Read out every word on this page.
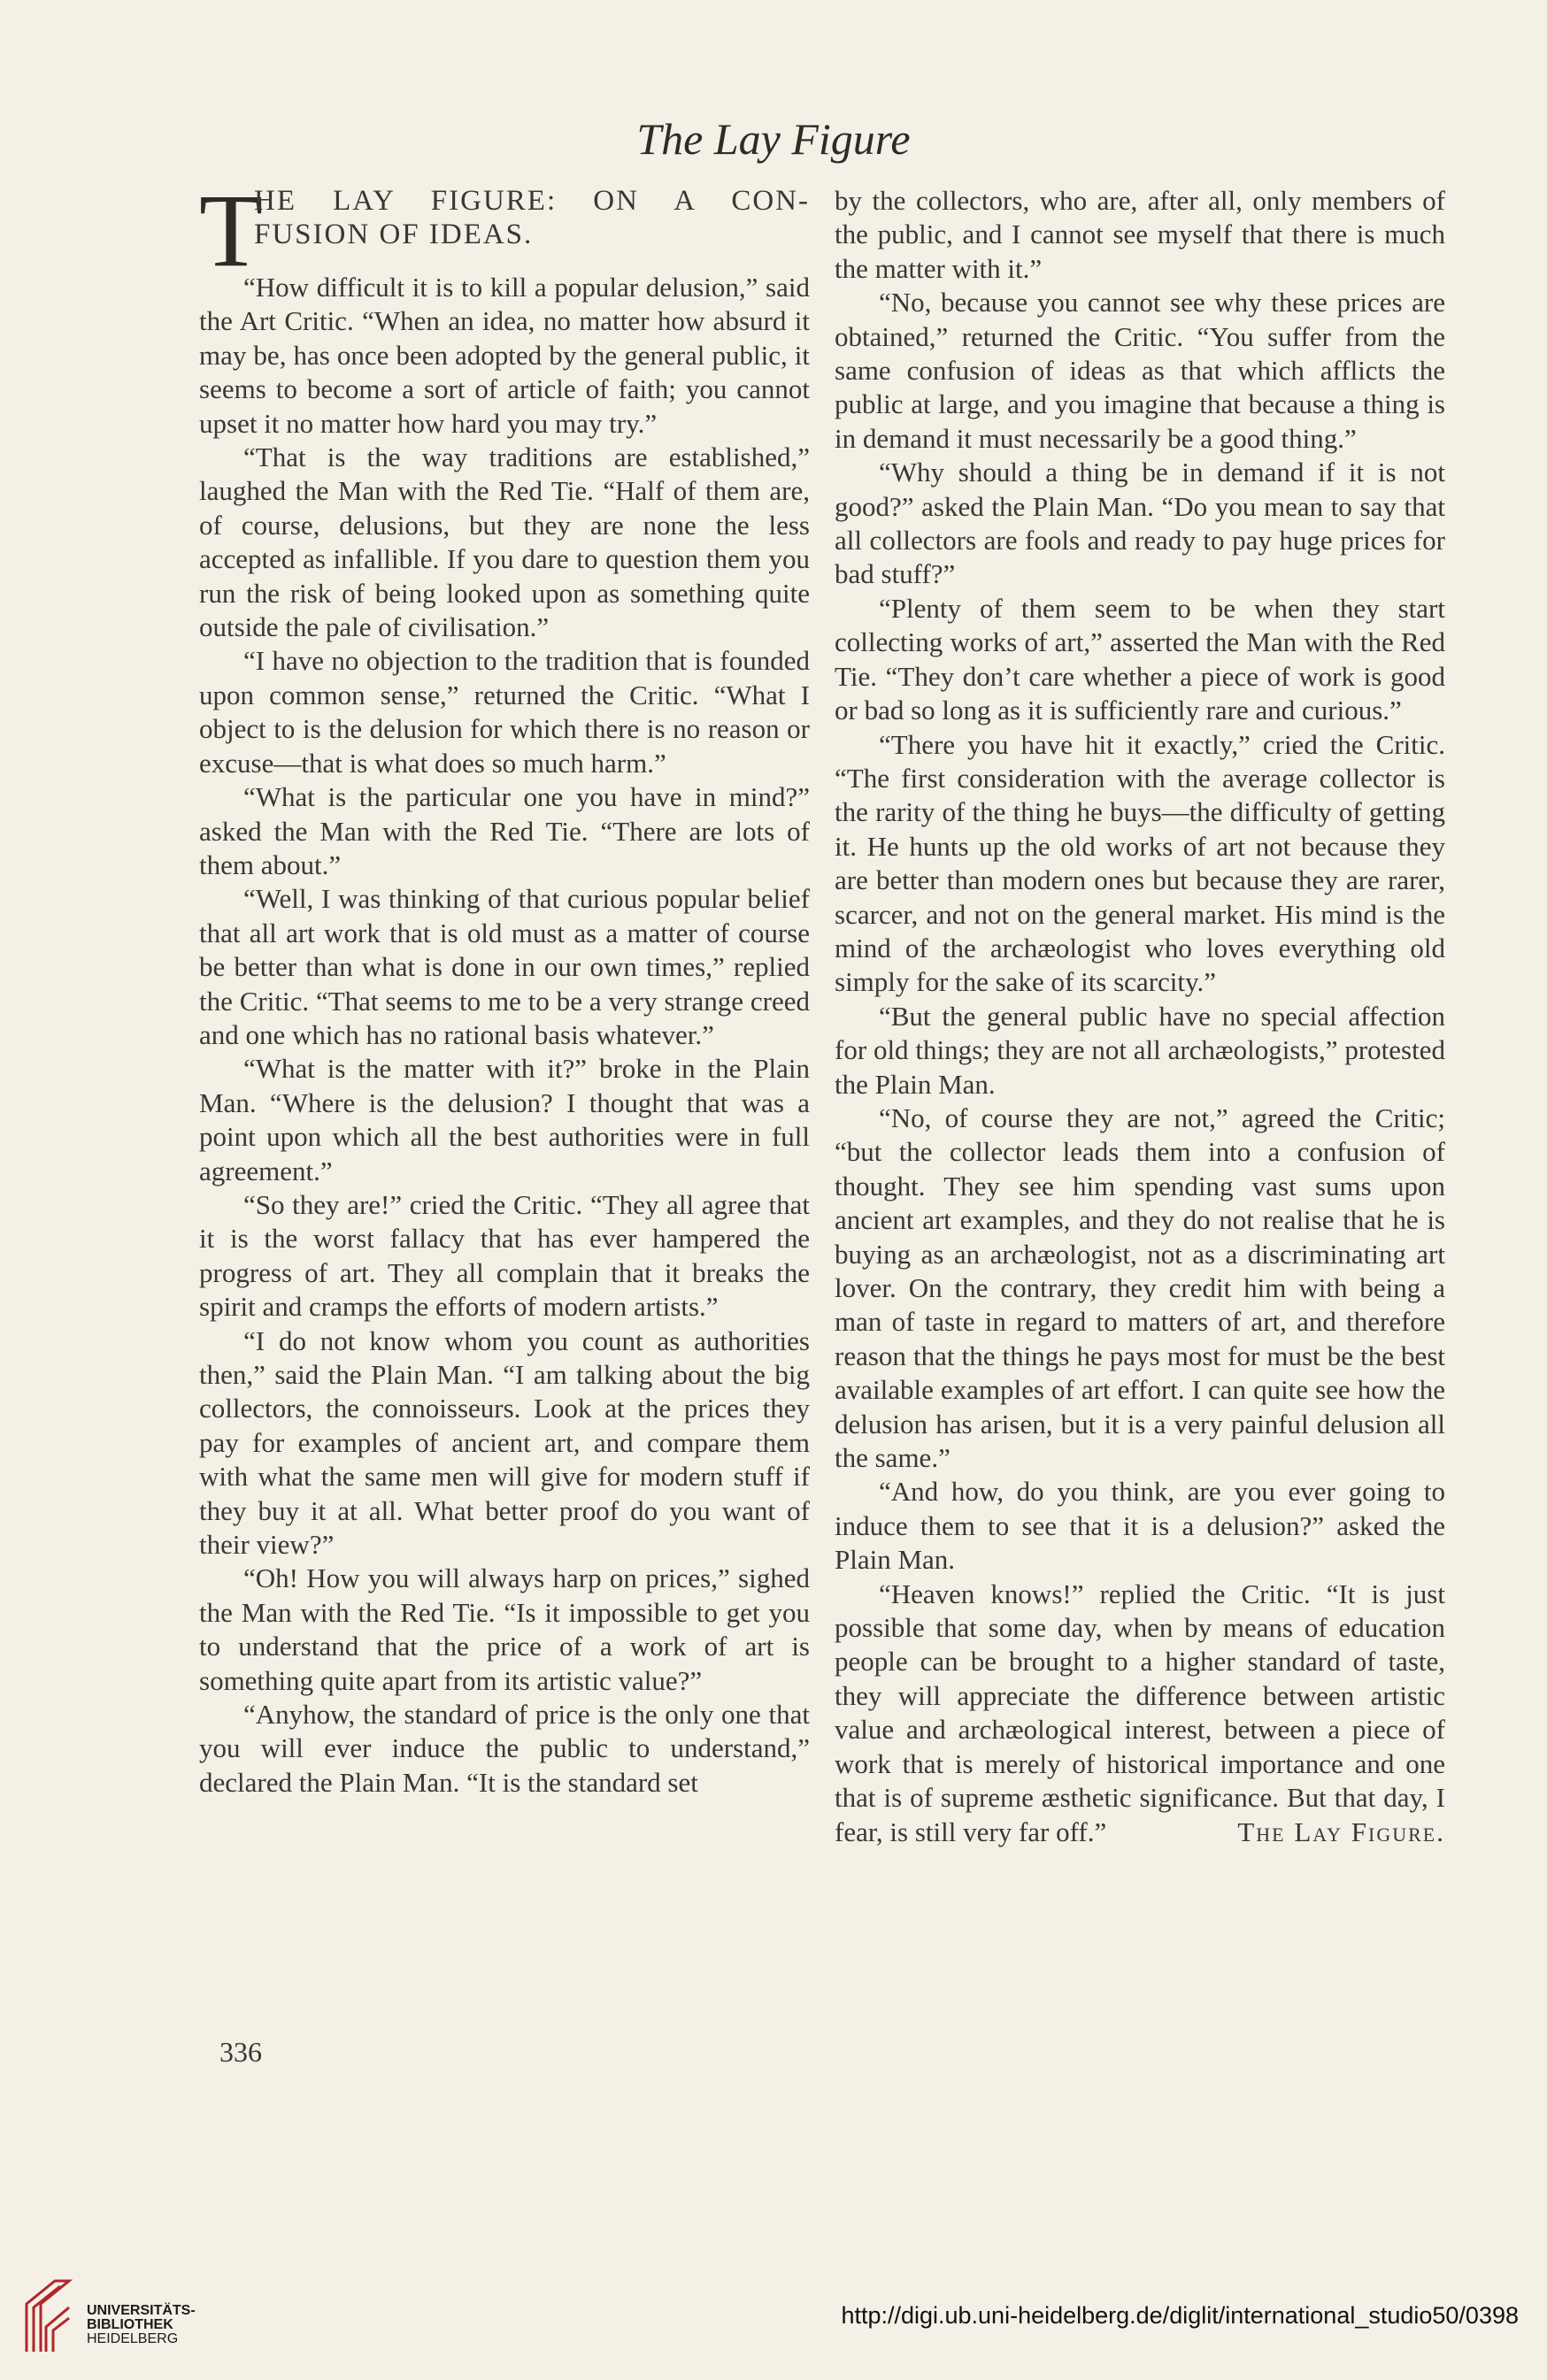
The Lay Figure
T
HE LAY FIGURE: ON A CON-
FUSION OF IDEAS.

“How difficult it is to kill a popular delusion,” said the Art Critic. “When an idea, no matter how absurd it may be, has once been adopted by the general public, it seems to become a sort of article of faith; you cannot upset it no matter how hard you may try.”

“That is the way traditions are established,” laughed the Man with the Red Tie. “Half of them are, of course, delusions, but they are none the less accepted as infallible. If you dare to question them you run the risk of being looked upon as something quite outside the pale of civilisation.”

“I have no objection to the tradition that is founded upon common sense,” returned the Critic. “What I object to is the delusion for which there is no reason or excuse—that is what does so much harm.”

“What is the particular one you have in mind?” asked the Man with the Red Tie. “There are lots of them about.”

“Well, I was thinking of that curious popular belief that all art work that is old must as a matter of course be better than what is done in our own times,” replied the Critic. “That seems to me to be a very strange creed and one which has no rational basis whatever.”

“What is the matter with it?” broke in the Plain Man. “Where is the delusion? I thought that was a point upon which all the best authorities were in full agreement.”

“So they are!” cried the Critic. “They all agree that it is the worst fallacy that has ever hampered the progress of art. They all complain that it breaks the spirit and cramps the efforts of modern artists.”

“I do not know whom you count as authorities then,” said the Plain Man. “I am talking about the big collectors, the connoisseurs. Look at the prices they pay for examples of ancient art, and compare them with what the same men will give for modern stuff if they buy it at all. What better proof do you want of their view?”

“Oh! How you will always harp on prices,” sighed the Man with the Red Tie. “Is it impossible to get you to understand that the price of a work of art is something quite apart from its artistic value?”

“Anyhow, the standard of price is the only one that you will ever induce the public to understand,” declared the Plain Man. “It is the standard set

by the collectors, who are, after all, only members of the public, and I cannot see myself that there is much the matter with it.”

“No, because you cannot see why these prices are obtained,” returned the Critic. “You suffer from the same confusion of ideas as that which afflicts the public at large, and you imagine that because a thing is in demand it must necessarily be a good thing.”

“Why should a thing be in demand if it is not good?” asked the Plain Man. “Do you mean to say that all collectors are fools and ready to pay huge prices for bad stuff?”

“Plenty of them seem to be when they start collecting works of art,” asserted the Man with the Red Tie. “They don’t care whether a piece of work is good or bad so long as it is sufficiently rare and curious.”

“There you have hit it exactly,” cried the Critic. “The first consideration with the average collector is the rarity of the thing he buys—the difficulty of getting it. He hunts up the old works of art not because they are better than modern ones but because they are rarer, scarcer, and not on the general market. His mind is the mind of the archæologist who loves everything old simply for the sake of its scarcity.”

“But the general public have no special affection for old things; they are not all archæologists,” protested the Plain Man.

“No, of course they are not,” agreed the Critic; “but the collector leads them into a confusion of thought. They see him spending vast sums upon ancient art examples, and they do not realise that he is buying as an archæologist, not as a discriminating art lover. On the contrary, they credit him with being a man of taste in regard to matters of art, and therefore reason that the things he pays most for must be the best available examples of art effort. I can quite see how the delusion has arisen, but it is a very painful delusion all the same.”

“And how, do you think, are you ever going to induce them to see that it is a delusion?” asked the Plain Man.

“Heaven knows!” replied the Critic. “It is just possible that some day, when by means of education people can be brought to a higher standard of taste, they will appreciate the difference between artistic value and archæological interest, between a piece of work that is merely of historical importance and one that is of supreme æsthetic significance. But that day, I fear, is still very far off.”	The Lay Figure.

336
UNIVERSITÄTS-
BIBLIOTHEK
HEIDELBERG
http://digi.ub.uni-heidelberg.de/diglit/international_studio50/0398
